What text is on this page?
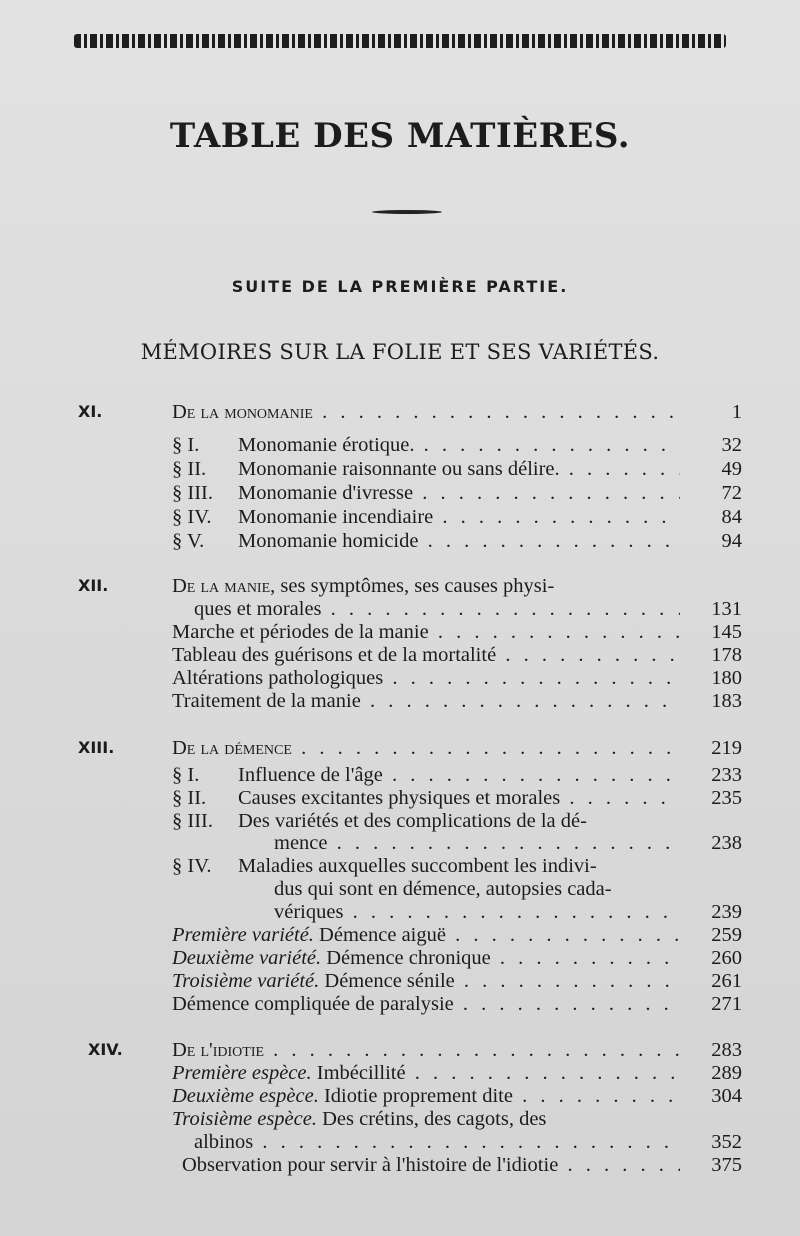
TABLE DES MATIÈRES.
SUITE DE LA PREMIÈRE PARTIE.
MÉMOIRES SUR LA FOLIE ET SES VARIÉTÉS.
XI.	De la monomanie . . .	1
§ I. Monomanie érotique. . . .	32
§ II. Monomanie raisonnante ou sans délire. . . .	49
§ III. Monomanie d'ivresse . . .	72
§ IV. Monomanie incendiaire . . .	84
§ V. Monomanie homicide . . .	94
XII.	De la manie, ses symptômes, ses causes physi-
ques et morales . . .	131
Marche et périodes de la manie . . .	145
Tableau des guérisons et de la mortalité . . .	178
Altérations pathologiques . . .	180
Traitement de la manie . . .	183
XIII.	De la démence . . .	219
§ I. Influence de l'âge . . .	233
§ II. Causes excitantes physiques et morales . . .	235
§ III. Des variétés et des complications de la dé-
mence . . .	238
§ IV. Maladies auxquelles succombent les indivi-
dus qui sont en démence, autopsies cada-
vériques . . .	239
Première variété. Démence aiguë . . .	259
Deuxième variété. Démence chronique . . .	260
Troisième variété. Démence sénile . . .	261
Démence compliquée de paralysie . . .	271
XIV. De l'idiotie . . .	283
Première espèce. Imbécillité . . .	289
Deuxième espèce. Idiotie proprement dite . . .	304
Troisième espèce. Des crétins, des cagots, des
albinos . . .	352
Observation pour servir à l'histoire de l'idiotie . . .	375
